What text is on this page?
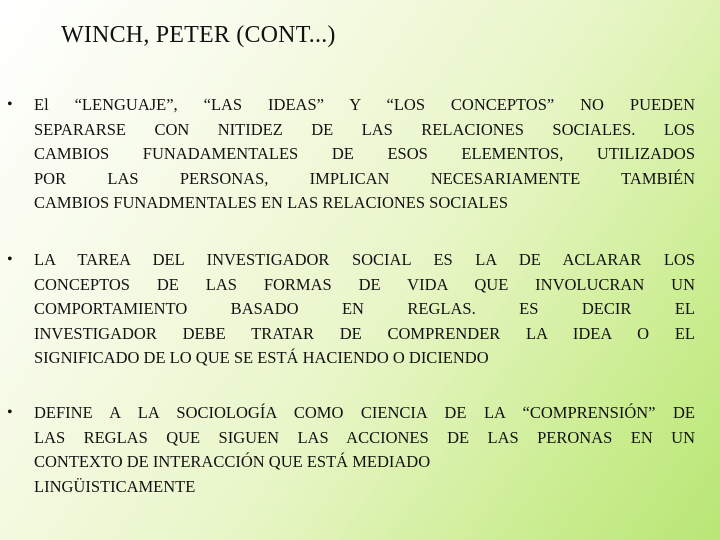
WINCH, PETER (CONT...)
• El “LENGUAJE”, “LAS IDEAS” Y “LOS CONCEPTOS” NO PUEDEN
SEPARARSE CON NITIDEZ DE LAS RELACIONES SOCIALES. LOS
CAMBIOS FUNADAMENTALES DE ESOS ELEMENTOS, UTILIZADOS
POR LAS PERSONAS, IMPLICAN NECESARIAMENTE TAMBIÉN
CAMBIOS FUNADMENTALES EN LAS RELACIONES SOCIALES
• LA TAREA DEL INVESTIGADOR SOCIAL ES LA DE ACLARAR LOS
CONCEPTOS DE LAS FORMAS DE VIDA QUE INVOLUCRAN UN
COMPORTAMIENTO BASADO EN REGLAS. ES DECIR EL
INVESTIGADOR DEBE TRATAR DE COMPRENDER LA IDEA O EL
SIGNIFICADO DE LO QUE SE ESTÁ HACIENDO O DICIENDO
• DEFINE A LA SOCIOLOGÍA COMO CIENCIA DE LA “COMPRENSIÓN” DE
LAS REGLAS QUE SIGUEN LAS ACCIONES DE LAS PERONAS EN UN
CONTEXTO DE INTERACCIÓN QUE ESTÁ MEDIADO
LINGÜISTICAMENTE
